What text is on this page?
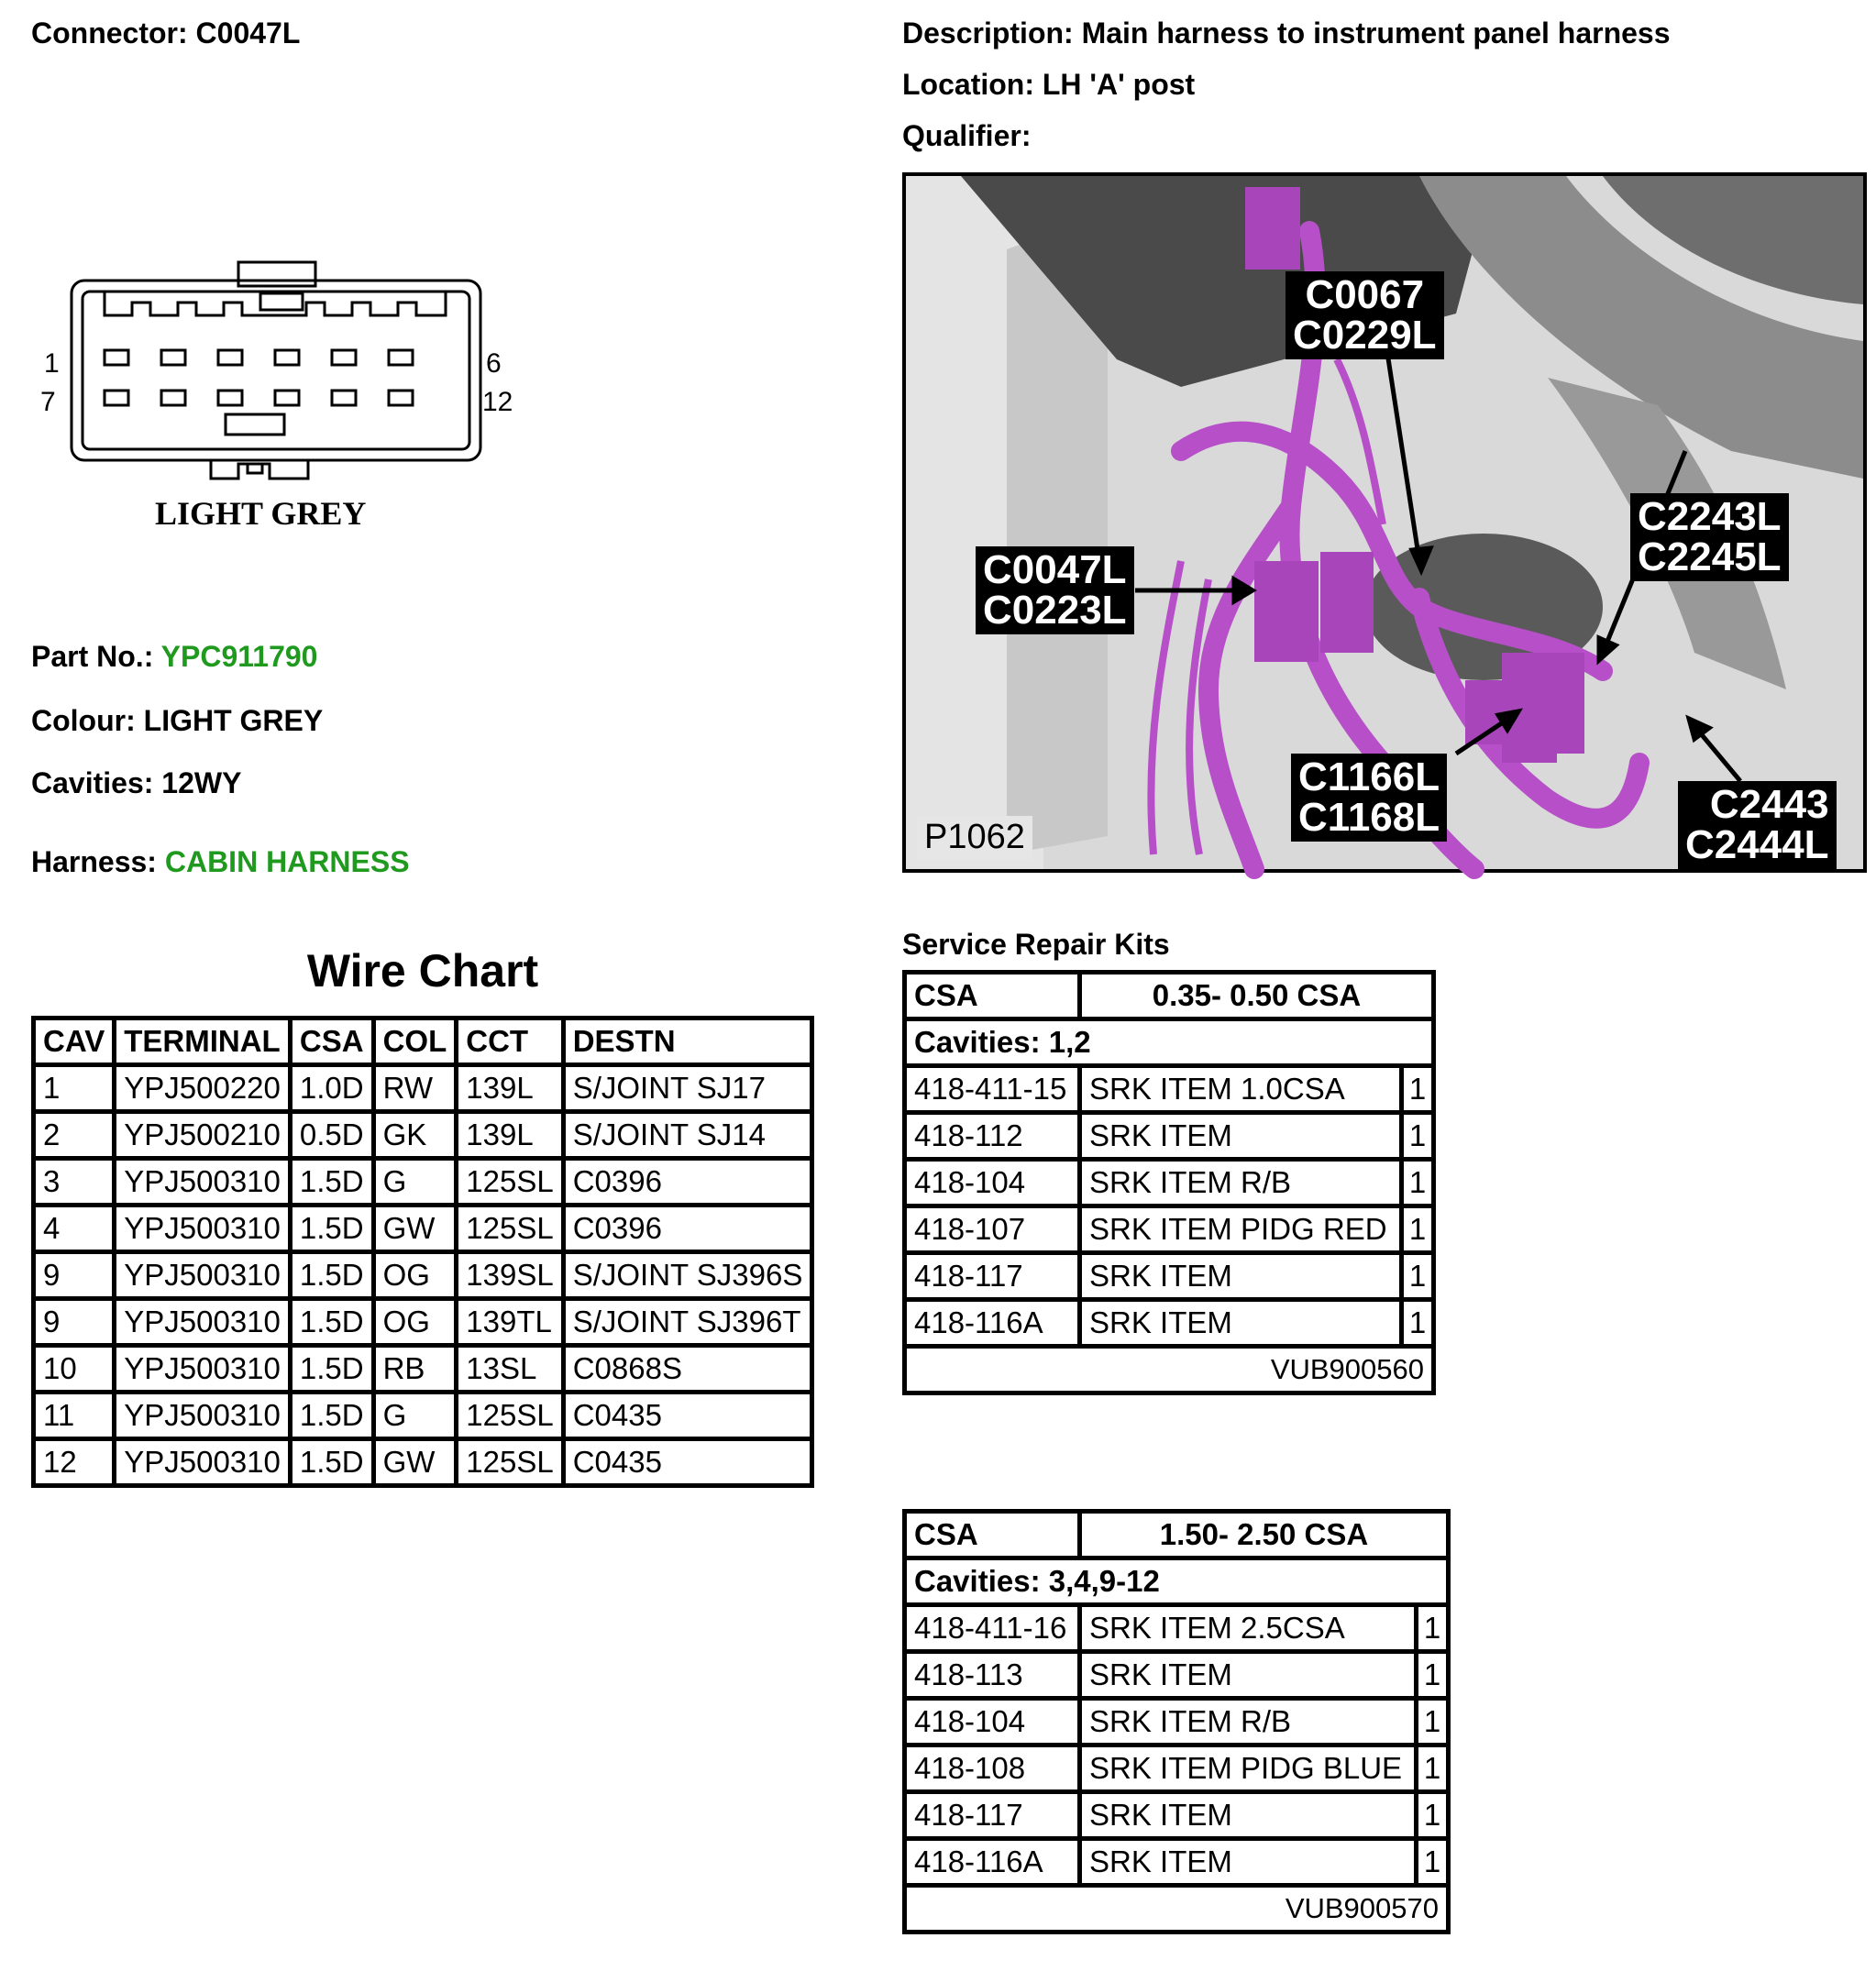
Connector: C0047L
1	6
7	12
LIGHT GREY
Part No.: YPC911790
Colour: LIGHT GREY
Cavities: 12WY
Harness: CABIN HARNESS
Description: Main harness to instrument panel harness
Location: LH 'A' post
Qualifier:
C0067
C0229L
C0047L
C0223L
C2243L
C2245L
C1166L
C1168L	C2443
C2444L
P1062
Wire Chart
CAV	TERMINAL	CSA	COL	CCT	DESTN
1	YPJ500220	1.0D	RW	139L	S/JOINT SJ17
2	YPJ500210	0.5D	GK	139L	S/JOINT SJ14
3	YPJ500310	1.5D	G	125SL	C0396
4	YPJ500310	1.5D	GW	125SL	C0396
9	YPJ500310	1.5D	OG	139SL	S/JOINT SJ396S
9	YPJ500310	1.5D	OG	139TL	S/JOINT SJ396T
10	YPJ500310	1.5D	RB	13SL	C0868S
11	YPJ500310	1.5D	G	125SL	C0435
12	YPJ500310	1.5D	GW	125SL	C0435
Service Repair Kits
CSA	0.35- 0.50 CSA	
Cavities: 1,2		
418-411-15	SRK ITEM 1.0CSA	1
418-112	SRK ITEM	1
418-104	SRK ITEM R/B	1
418-107	SRK ITEM PIDG RED	1
418-117	SRK ITEM	1
418-116A	SRK ITEM	1
VUB900560		
CSA	1.50- 2.50 CSA	
Cavities: 3,4,9-12		
418-411-16	SRK ITEM 2.5CSA	1
418-113	SRK ITEM	1
418-104	SRK ITEM R/B	1
418-108	SRK ITEM PIDG BLUE	1
418-117	SRK ITEM	1
418-116A	SRK ITEM	1
VUB900570		
